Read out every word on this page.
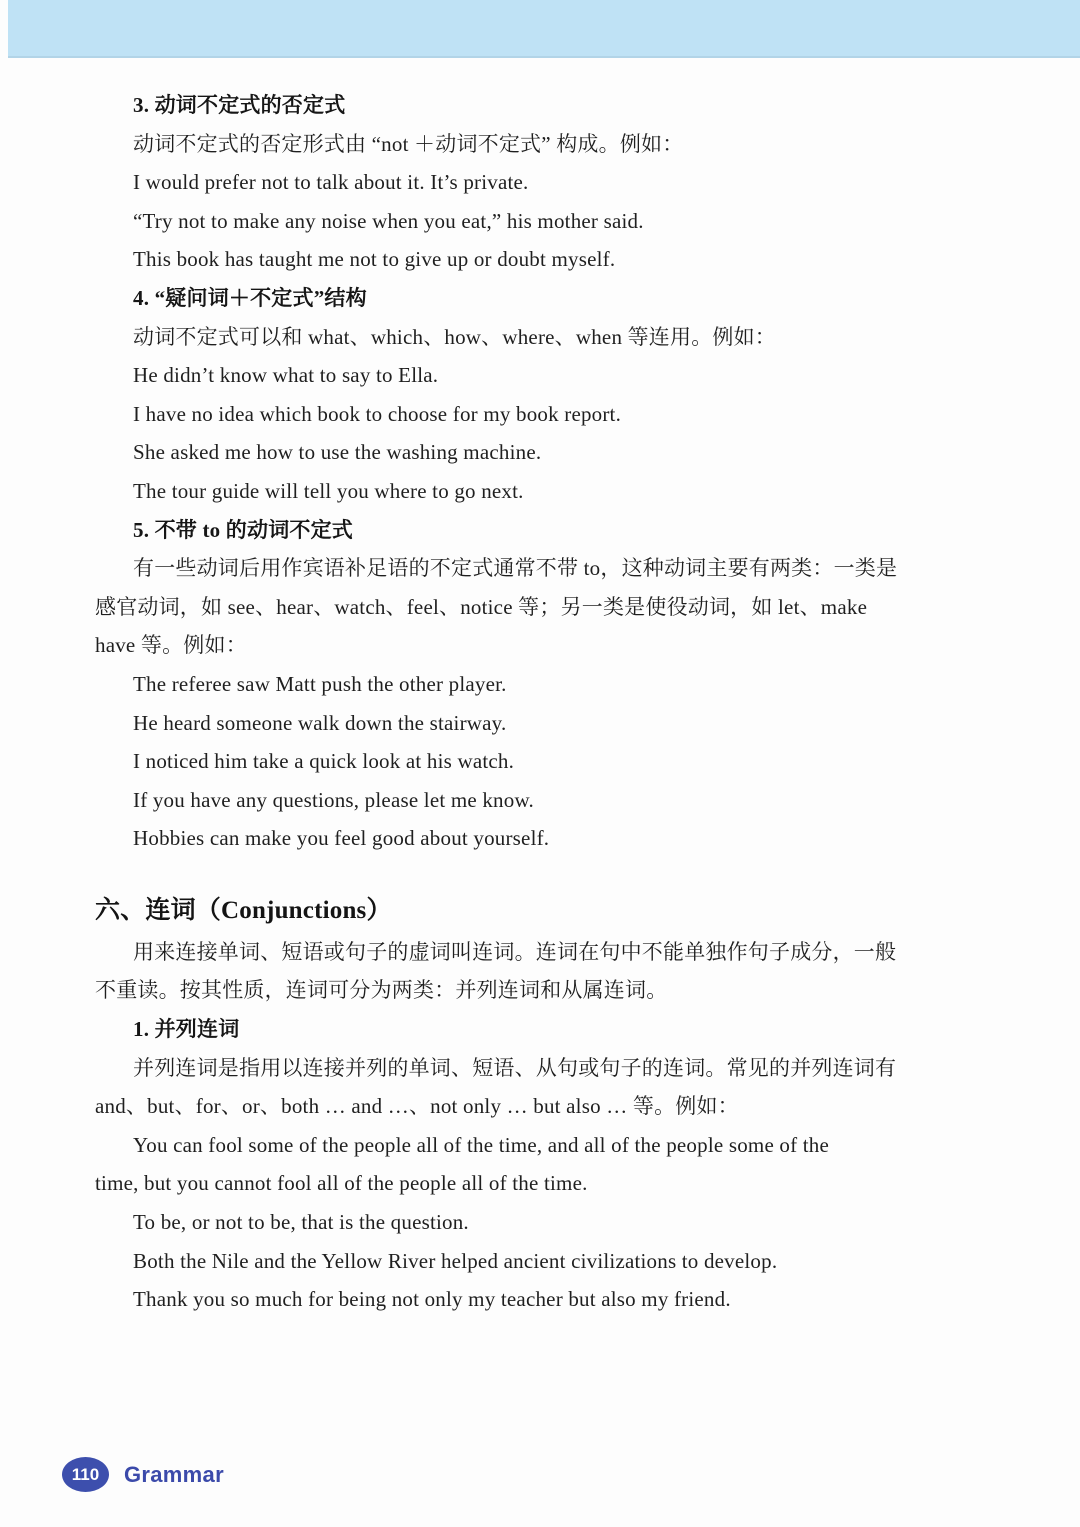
3. 动词不定式的否定式

动词不定式的否定形式由 “not ＋动词不定式” 构成。例如：

I would prefer not to talk about it. It’s private.

“Try not to make any noise when you eat,” his mother said.

This book has taught me not to give up or doubt myself.

4. “疑问词＋不定式”结构

动词不定式可以和 what、which、how、where、when 等连用。例如：

He didn’t know what to say to Ella.

I have no idea which book to choose for my book report.

She asked me how to use the washing machine.

The tour guide will tell you where to go next.

5. 不带 to 的动词不定式

有一些动词后用作宾语补足语的不定式通常不带 to，这种动词主要有两类：一类是

感官动词，如 see、hear、watch、feel、notice 等；另一类是使役动词，如 let、make

have 等。例如：

The referee saw Matt push the other player.

He heard someone walk down the stairway.

I noticed him take a quick look at his watch.

If you have any questions, please let me know.

Hobbies can make you feel good about yourself.

六、连词（Conjunctions）

用来连接单词、短语或句子的虚词叫连词。连词在句中不能单独作句子成分，一般

不重读。按其性质，连词可分为两类：并列连词和从属连词。

1. 并列连词

并列连词是指用以连接并列的单词、短语、从句或句子的连词。常见的并列连词有

and、but、for、or、both … and …、not only … but also … 等。例如：

You can fool some of the people all of the time, and all of the people some of the

time, but you cannot fool all of the people all of the time.

To be, or not to be, that is the question.

Both the Nile and the Yellow River helped ancient civilizations to develop.

Thank you so much for being not only my teacher but also my friend.

110 Grammar
